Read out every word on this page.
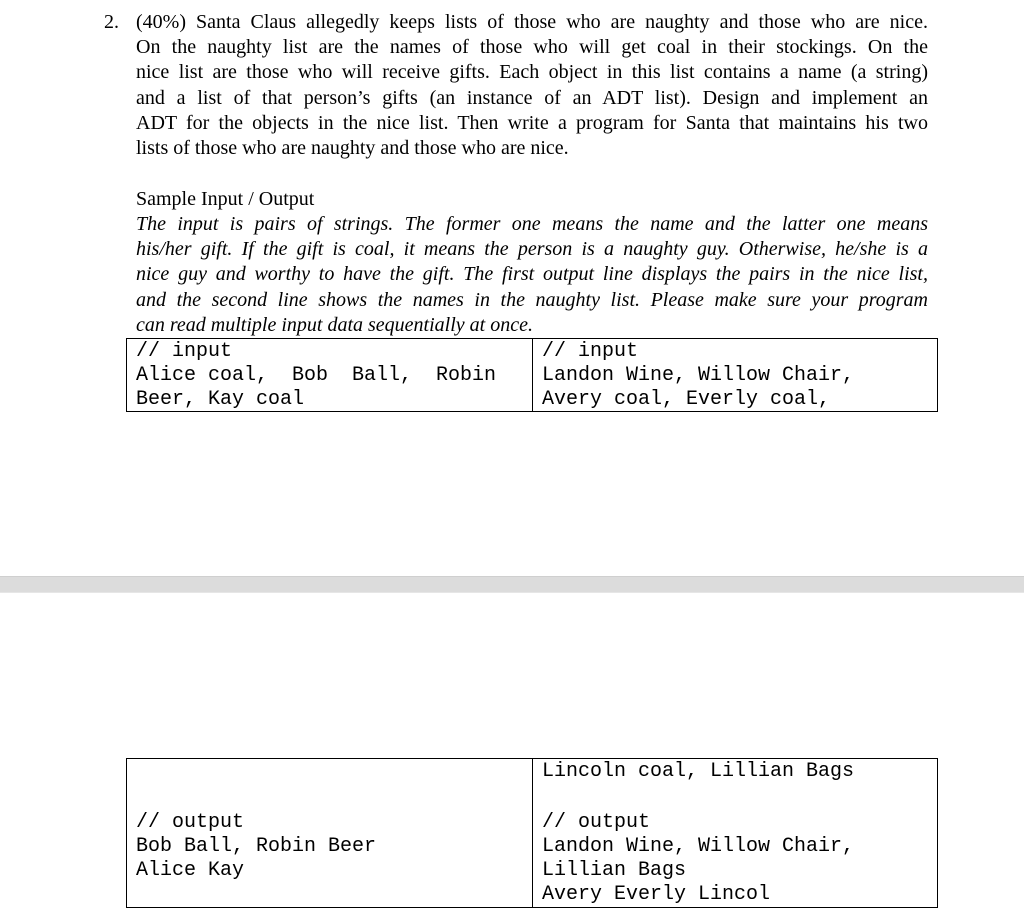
2. (40%) Santa Claus allegedly keeps lists of those who are naughty and those who are nice.
On the naughty list are the names of those who will get coal in their stockings. On the
nice list are those who will receive gifts. Each object in this list contains a name (a string)
and a list of that person’s gifts (an instance of an ADT list). Design and implement an
ADT for the objects in the nice list. Then write a program for Santa that maintains his two
lists of those who are naughty and those who are nice.
Sample Input / Output
The input is pairs of strings. The former one means the name and the latter one means
his/her gift. If the gift is coal, it means the person is a naughty guy. Otherwise, he/she is a
nice guy and worthy to have the gift. The first output line displays the pairs in the nice list,
and the second line shows the names in the naughty list. Please make sure your program
can read multiple input data sequentially at once.
// input
Alice coal,  Bob  Ball,  Robin
Beer, Kay coal
// input
Landon Wine, Willow Chair,
Avery coal, Everly coal,

// output
Bob Ball, Robin Beer
Alice Kay

Lincoln coal, Lillian Bags

// output
Landon Wine, Willow Chair,
Lillian Bags
Avery Everly Lincol
